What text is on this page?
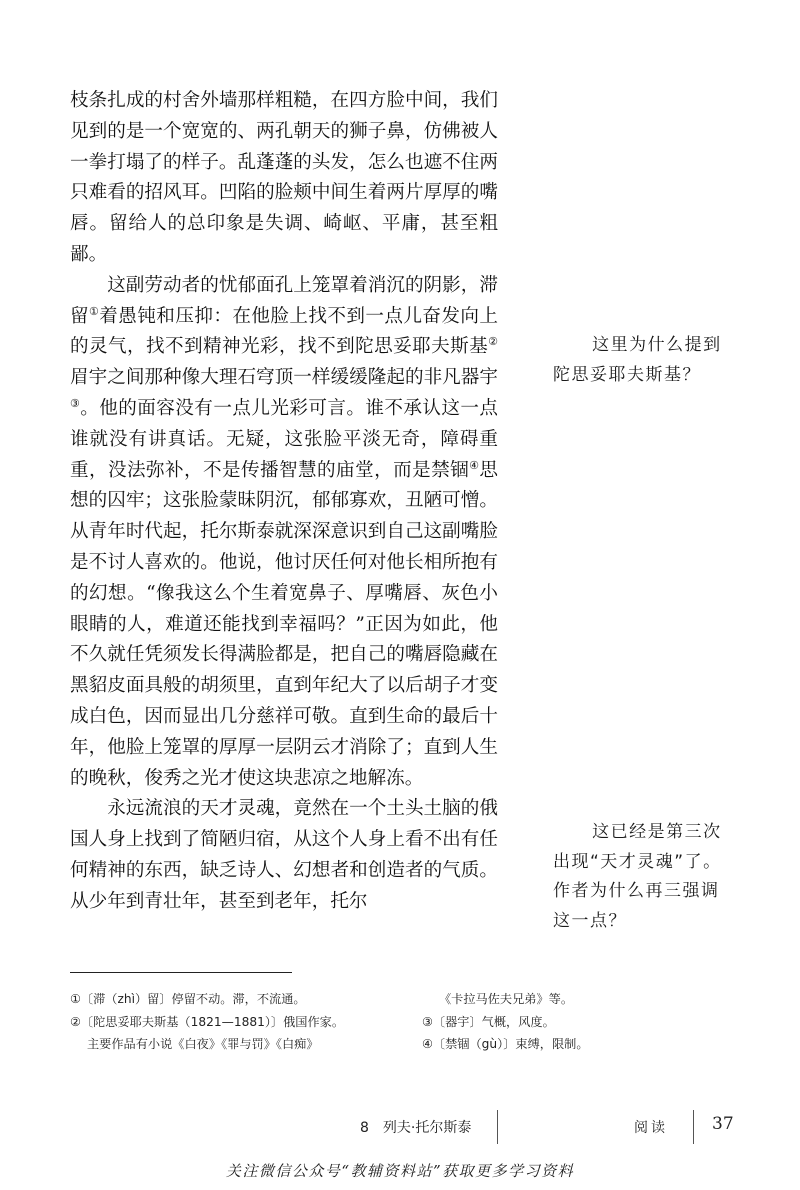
枝条扎成的村舍外墙那样粗糙，在四方脸中间，我们见到的是一个宽宽的、两孔朝天的狮子鼻，仿佛被人一拳打塌了的样子。乱蓬蓬的头发，怎么也遮不住两只难看的招风耳。凹陷的脸颊中间生着两片厚厚的嘴唇。留给人的总印象是失调、崎岖、平庸，甚至粗鄙。

这副劳动者的忧郁面孔上笼罩着消沉的阴影，滞留①着愚钝和压抑：在他脸上找不到一点儿奋发向上的灵气，找不到精神光彩，找不到陀思妥耶夫斯基②眉宇之间那种像大理石穹顶一样缓缓隆起的非凡器宇③。他的面容没有一点儿光彩可言。谁不承认这一点谁就没有讲真话。无疑，这张脸平淡无奇，障碍重重，没法弥补，不是传播智慧的庙堂，而是禁锢④思想的囚牢；这张脸蒙昧阴沉，郁郁寡欢，丑陋可憎。从青年时代起，托尔斯泰就深深意识到自己这副嘴脸是不讨人喜欢的。他说，他讨厌任何对他长相所抱有的幻想。“像我这么个生着宽鼻子、厚嘴唇、灰色小眼睛的人，难道还能找到幸福吗？”正因为如此，他不久就任凭须发长得满脸都是，把自己的嘴唇隐藏在黑貂皮面具般的胡须里，直到年纪大了以后胡子才变成白色，因而显出几分慈祥可敬。直到生命的最后十年，他脸上笼罩的厚厚一层阴云才消除了；直到人生的晚秋，俊秀之光才使这块悲凉之地解冻。

永远流浪的天才灵魂，竟然在一个土头土脑的俄国人身上找到了简陋归宿，从这个人身上看不出有任何精神的东西，缺乏诗人、幻想者和创造者的气质。从少年到青壮年，甚至到老年，托尔

这里为什么提到陀思妥耶夫斯基？

这已经是第三次出现“天才灵魂”了。作者为什么再三强调这一点？

①〔滞（zhì）留〕停留不动。滞，不流通。
②〔陀思妥耶夫斯基（1821—1881）〕俄国作家。
主要作品有小说《白夜》《罪与罚》《白痴》
《卡拉马佐夫兄弟》等。
③〔器宇〕气概，风度。
④〔禁锢（gù）〕束缚，限制。
8　列夫·托尔斯泰	阅读	37
关注微信公众号“教辅资料站”获取更多学习资料
